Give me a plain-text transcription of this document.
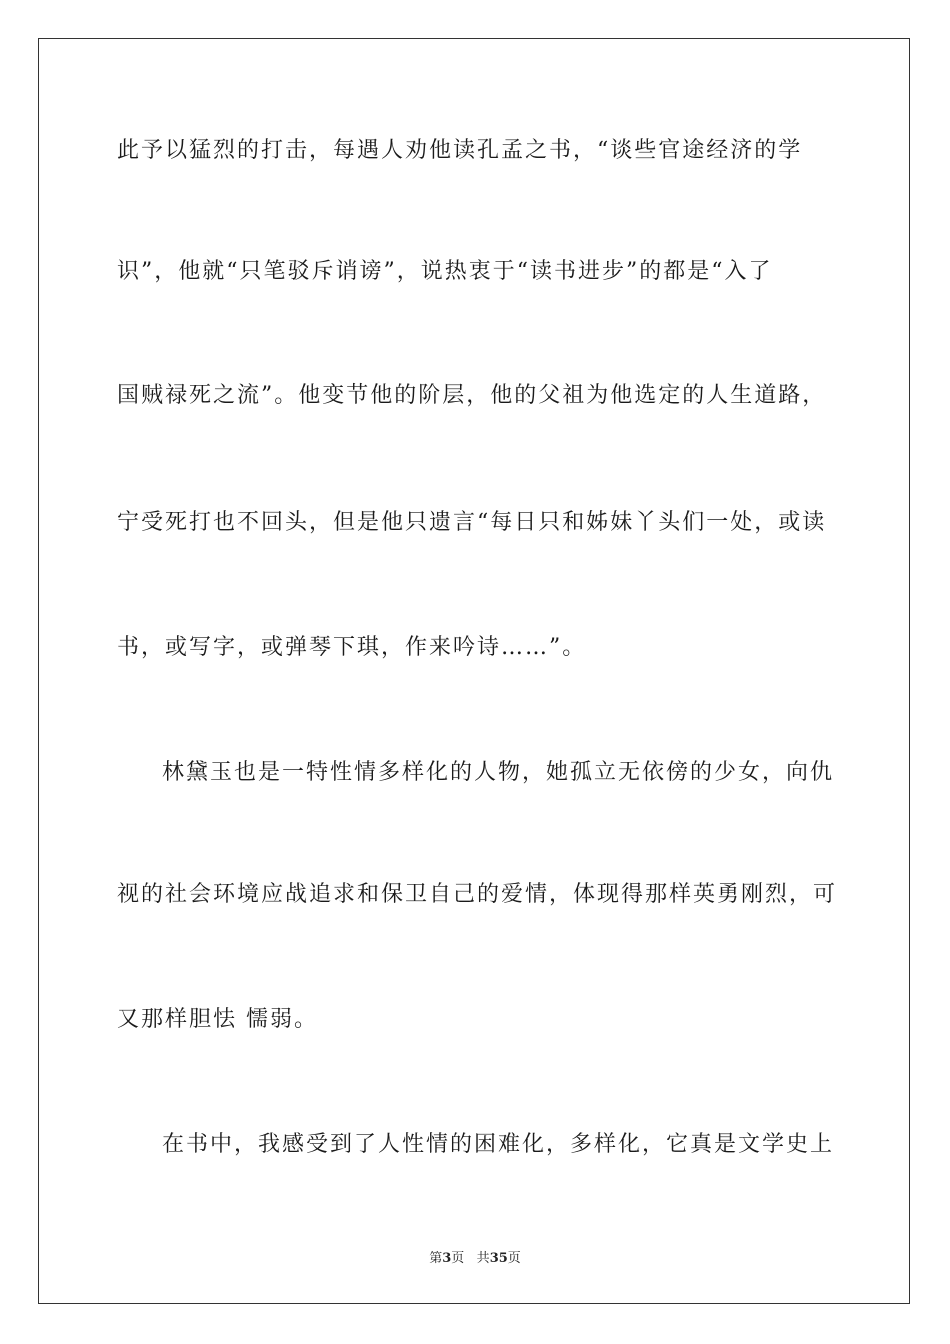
此予以猛烈的打击，每遇人劝他读孔孟之书，“谈些官途经济的学
识”，他就“只笔驳斥诮谤”，说热衷于“读书进步”的都是“入了
国贼禄死之流”。他变节他的阶层，他的父祖为他选定的人生道路，
宁受死打也不回头，但是他只遗言“每日只和姊妹丫头们一处，或读
书，或写字，或弹琴下琪，作来吟诗……”。
林黛玉也是一特性情多样化的人物，她孤立无依傍的少女，向仇
视的社会环境应战追求和保卫自己的爱情，体现得那样英勇刚烈，可
又那样胆怯 懦弱。
在书中，我感受到了人性情的困难化，多样化，它真是文学史上
第3页 共35页
